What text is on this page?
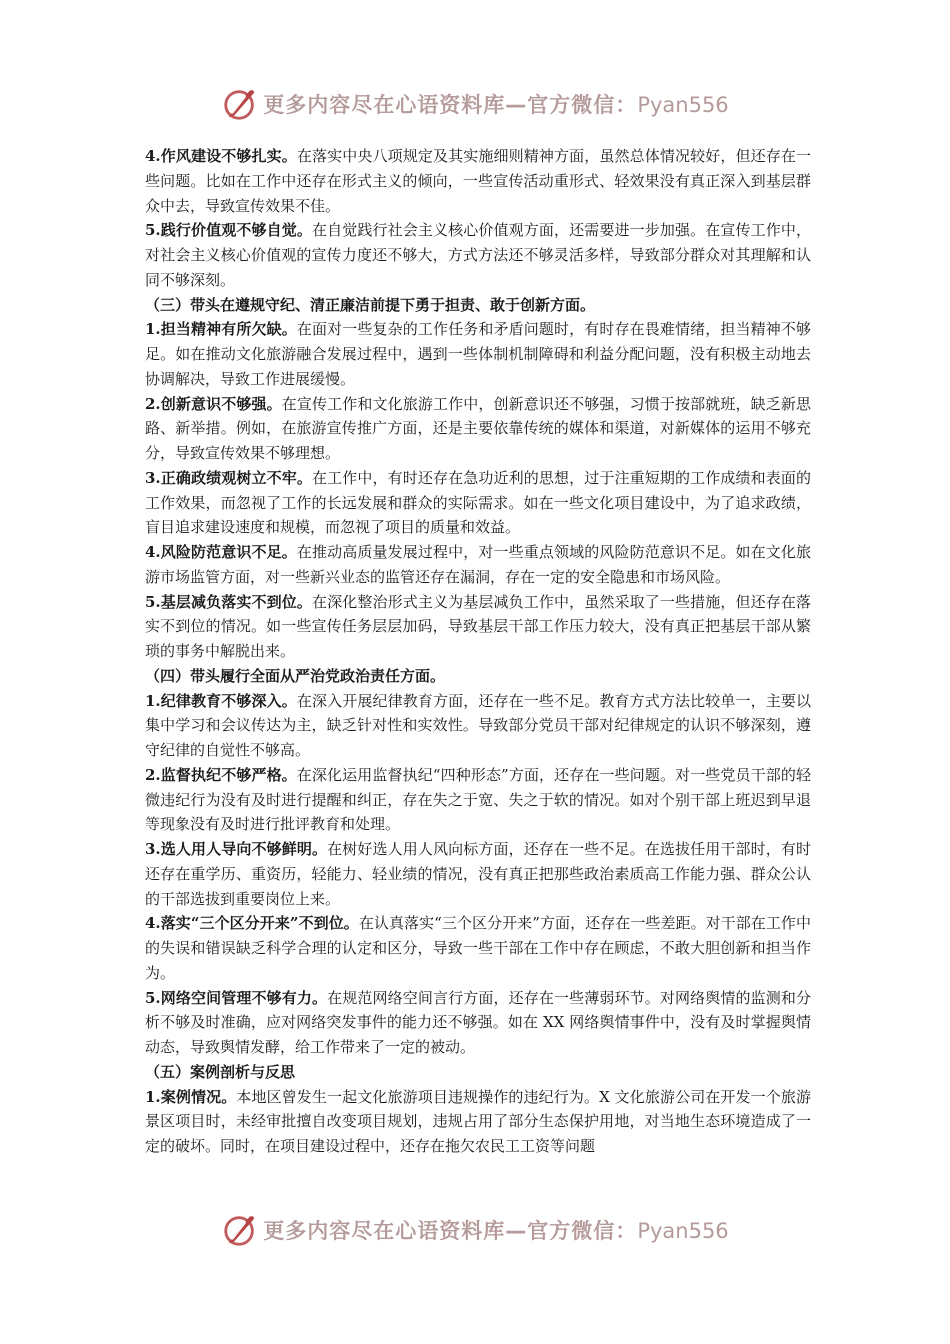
更多内容尽在心语资料库—官方微信：Pyan556

4.作风建设不够扎实。在落实中央八项规定及其实施细则精神方面，虽然总体情况较好，但还存在一些问题。比如在工作中还存在形式主义的倾向，一些宣传活动重形式、轻效果没有真正深入到基层群众中去，导致宣传效果不佳。

5.践行价值观不够自觉。在自觉践行社会主义核心价值观方面，还需要进一步加强。在宣传工作中，对社会主义核心价值观的宣传力度还不够大，方式方法还不够灵活多样，导致部分群众对其理解和认同不够深刻。

（三）带头在遵规守纪、清正廉洁前提下勇于担责、敢于创新方面。

1.担当精神有所欠缺。在面对一些复杂的工作任务和矛盾问题时，有时存在畏难情绪，担当精神不够足。如在推动文化旅游融合发展过程中，遇到一些体制机制障碍和利益分配问题，没有积极主动地去协调解决，导致工作进展缓慢。

2.创新意识不够强。在宣传工作和文化旅游工作中，创新意识还不够强，习惯于按部就班，缺乏新思路、新举措。例如，在旅游宣传推广方面，还是主要依靠传统的媒体和渠道，对新媒体的运用不够充分，导致宣传效果不够理想。

3.正确政绩观树立不牢。在工作中，有时还存在急功近利的思想，过于注重短期的工作成绩和表面的工作效果，而忽视了工作的长远发展和群众的实际需求。如在一些文化项目建设中，为了追求政绩，盲目追求建设速度和规模，而忽视了项目的质量和效益。

4.风险防范意识不足。在推动高质量发展过程中，对一些重点领域的风险防范意识不足。如在文化旅游市场监管方面，对一些新兴业态的监管还存在漏洞，存在一定的安全隐患和市场风险。

5.基层减负落实不到位。在深化整治形式主义为基层减负工作中，虽然采取了一些措施，但还存在落实不到位的情况。如一些宣传任务层层加码，导致基层干部工作压力较大，没有真正把基层干部从繁琐的事务中解脱出来。

（四）带头履行全面从严治党政治责任方面。

1.纪律教育不够深入。在深入开展纪律教育方面，还存在一些不足。教育方式方法比较单一，主要以集中学习和会议传达为主，缺乏针对性和实效性。导致部分党员干部对纪律规定的认识不够深刻，遵守纪律的自觉性不够高。

2.监督执纪不够严格。在深化运用监督执纪“四种形态”方面，还存在一些问题。对一些党员干部的轻微违纪行为没有及时进行提醒和纠正，存在失之于宽、失之于软的情况。如对个别干部上班迟到早退等现象没有及时进行批评教育和处理。

3.选人用人导向不够鲜明。在树好选人用人风向标方面，还存在一些不足。在选拔任用干部时，有时还存在重学历、重资历，轻能力、轻业绩的情况，没有真正把那些政治素质高工作能力强、群众公认的干部选拔到重要岗位上来。

4.落实“三个区分开来”不到位。在认真落实“三个区分开来”方面，还存在一些差距。对干部在工作中的失误和错误缺乏科学合理的认定和区分，导致一些干部在工作中存在顾虑，不敢大胆创新和担当作为。

5.网络空间管理不够有力。在规范网络空间言行方面，还存在一些薄弱环节。对网络舆情的监测和分析不够及时准确，应对网络突发事件的能力还不够强。如在 XX 网络舆情事件中，没有及时掌握舆情动态，导致舆情发酵，给工作带来了一定的被动。

（五）案例剖析与反思

1.案例情况。本地区曾发生一起文化旅游项目违规操作的违纪行为。X 文化旅游公司在开发一个旅游景区项目时，未经审批擅自改变项目规划，违规占用了部分生态保护用地，对当地生态环境造成了一定的破坏。同时，在项目建设过程中，还存在拖欠农民工工资等问题

更多内容尽在心语资料库—官方微信：Pyan556
